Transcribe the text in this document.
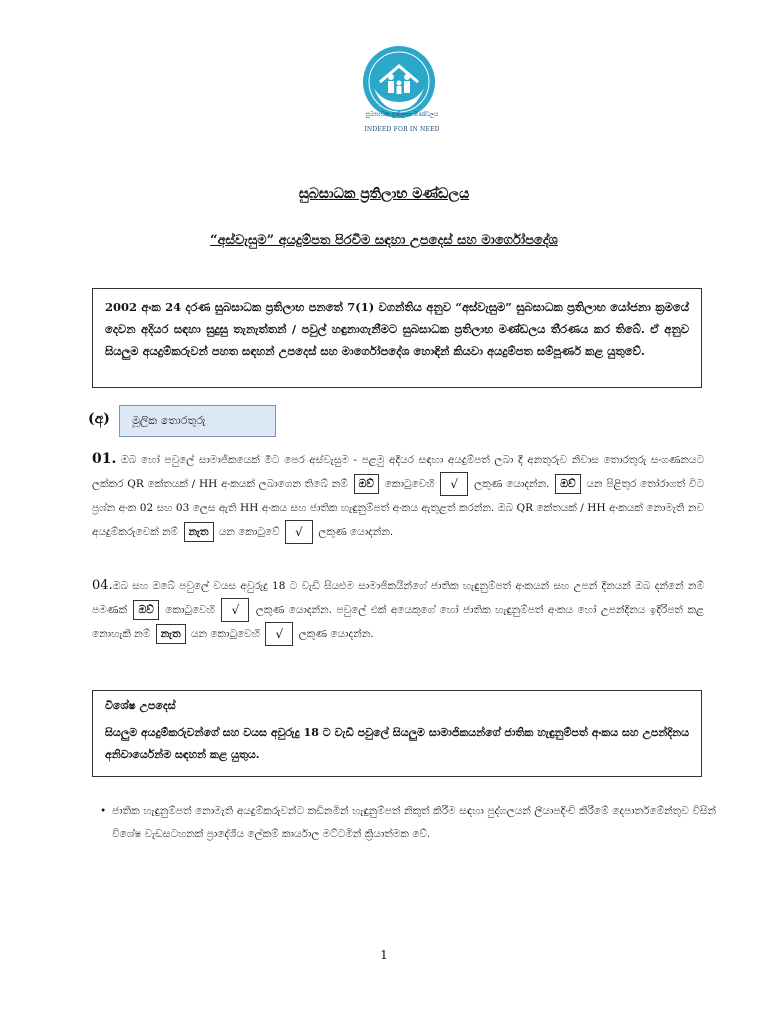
සුබසාධක ප්‍රතිලාභ මණ්ඩලය
INDEED FOR IN NEED
සුබසාධක ප්‍රතිලාභ මණ්ඩලය
“අස්වැසුම” අයදුම්පත පිරවීම සඳහා උපදෙස් සහ මාර්ගෝපදේශ
2002 අංක 24 දරණ සුබසාධක ප්‍රතිලාභ පනතේ 7(1) වගන්තිය අනුව “අස්වැසුම” සුබසාධක ප්‍රතිලාභ යෝජනා ක්‍රමයේ දෙවන අදියර සඳහා සුදුසු තැනැත්තන් / පවුල් හඳුනාගැනීමට සුබසාධක ප්‍රතිලාභ මණ්ඩලය තීරණය කර තිබේ. ඒ අනුව සියලුම අයදුම්කරුවන් පහත සඳහන් උපදෙස් සහ මාර්ගෝපදේශ හොඳින් කියවා අයදුම්පත සම්පූර්ණ කළ යුතුවේ.
(අ)	මූලික තොරතුරු
01. ඔබ හෝ පවුලේ සාමාජිකයෙක් මීට පෙර අස්වැසුම - පළමු අදියර සඳහා අයදුම්පත් ලබා දී අනතුරුව නිවාස තොරතුරු සංගණනයට ලක්කර QR කේතයක් / HH අංකයක් ලබාගෙන තිබේ නම් ඔව් කොටුවෙහි √ ලකුණ යොදන්න. ඔව් යන පිළිතුර තෝරාගත් විට ප්‍රශ්න අංක 02 සහ 03 ලෙස ඇති HH අංකය සහ ජාතික හැඳුනුම්පත් අංකය ඇතුළත් කරන්න. ඔබ QR කේතයක් / HH අංකයක් නොමැති නව අයදුම්කරුවෙක් නම් නැත යන කොටුවේ √ ලකුණ යොදන්න.
04.ඔබ සහ ඔබේ පවුලේ වයස අවුරුදු 18 ට වැඩි සියළුම සාමාජිකයින්ගේ ජාතික හැඳුනුම්පත් අංකයන් සහ උපන් දිනයන් ඔබ දන්නේ නම් පමණක් ඔව් කොටුවෙහි √ ලකුණ යොදන්න. පවුලේ එක් අයෙකුගේ හෝ ජාතික හැඳුනුම්පත් අංකය හෝ උපන්දිනය ඉදිරිපත් කළ නොහැකි නම් නැත යන කොටුවෙහි √ ලකුණ යොදන්න.
විශේෂ උපදෙස්
සියලුම අයදුම්කරුවන්ගේ සහ වයස අවුරුදු 18 ට වැඩි පවුලේ සියලුම සාමාජිකයන්ගේ ජාතික හැඳුනුම්පත් අංකය සහ උපන්දිනය අනිවාර්යෙන්ම සඳහන් කළ යුතුය.
• ජාතික හැඳුනුම්පත් නොමැති අයදුම්කරුවන්ට කඩිනමින් හැඳුනුම්පත් නිකුත් කිරීම සඳහා පුද්ගලයන් ලියාපදිංචි කිරීමේ දෙපාර්තමේන්තුව විසින් විශේෂ වැඩසටහනක් ප්‍රාදේශීය ලේකම් කාර්යාල මට්ටමින් ක්‍රියාත්මක වේ.
1
